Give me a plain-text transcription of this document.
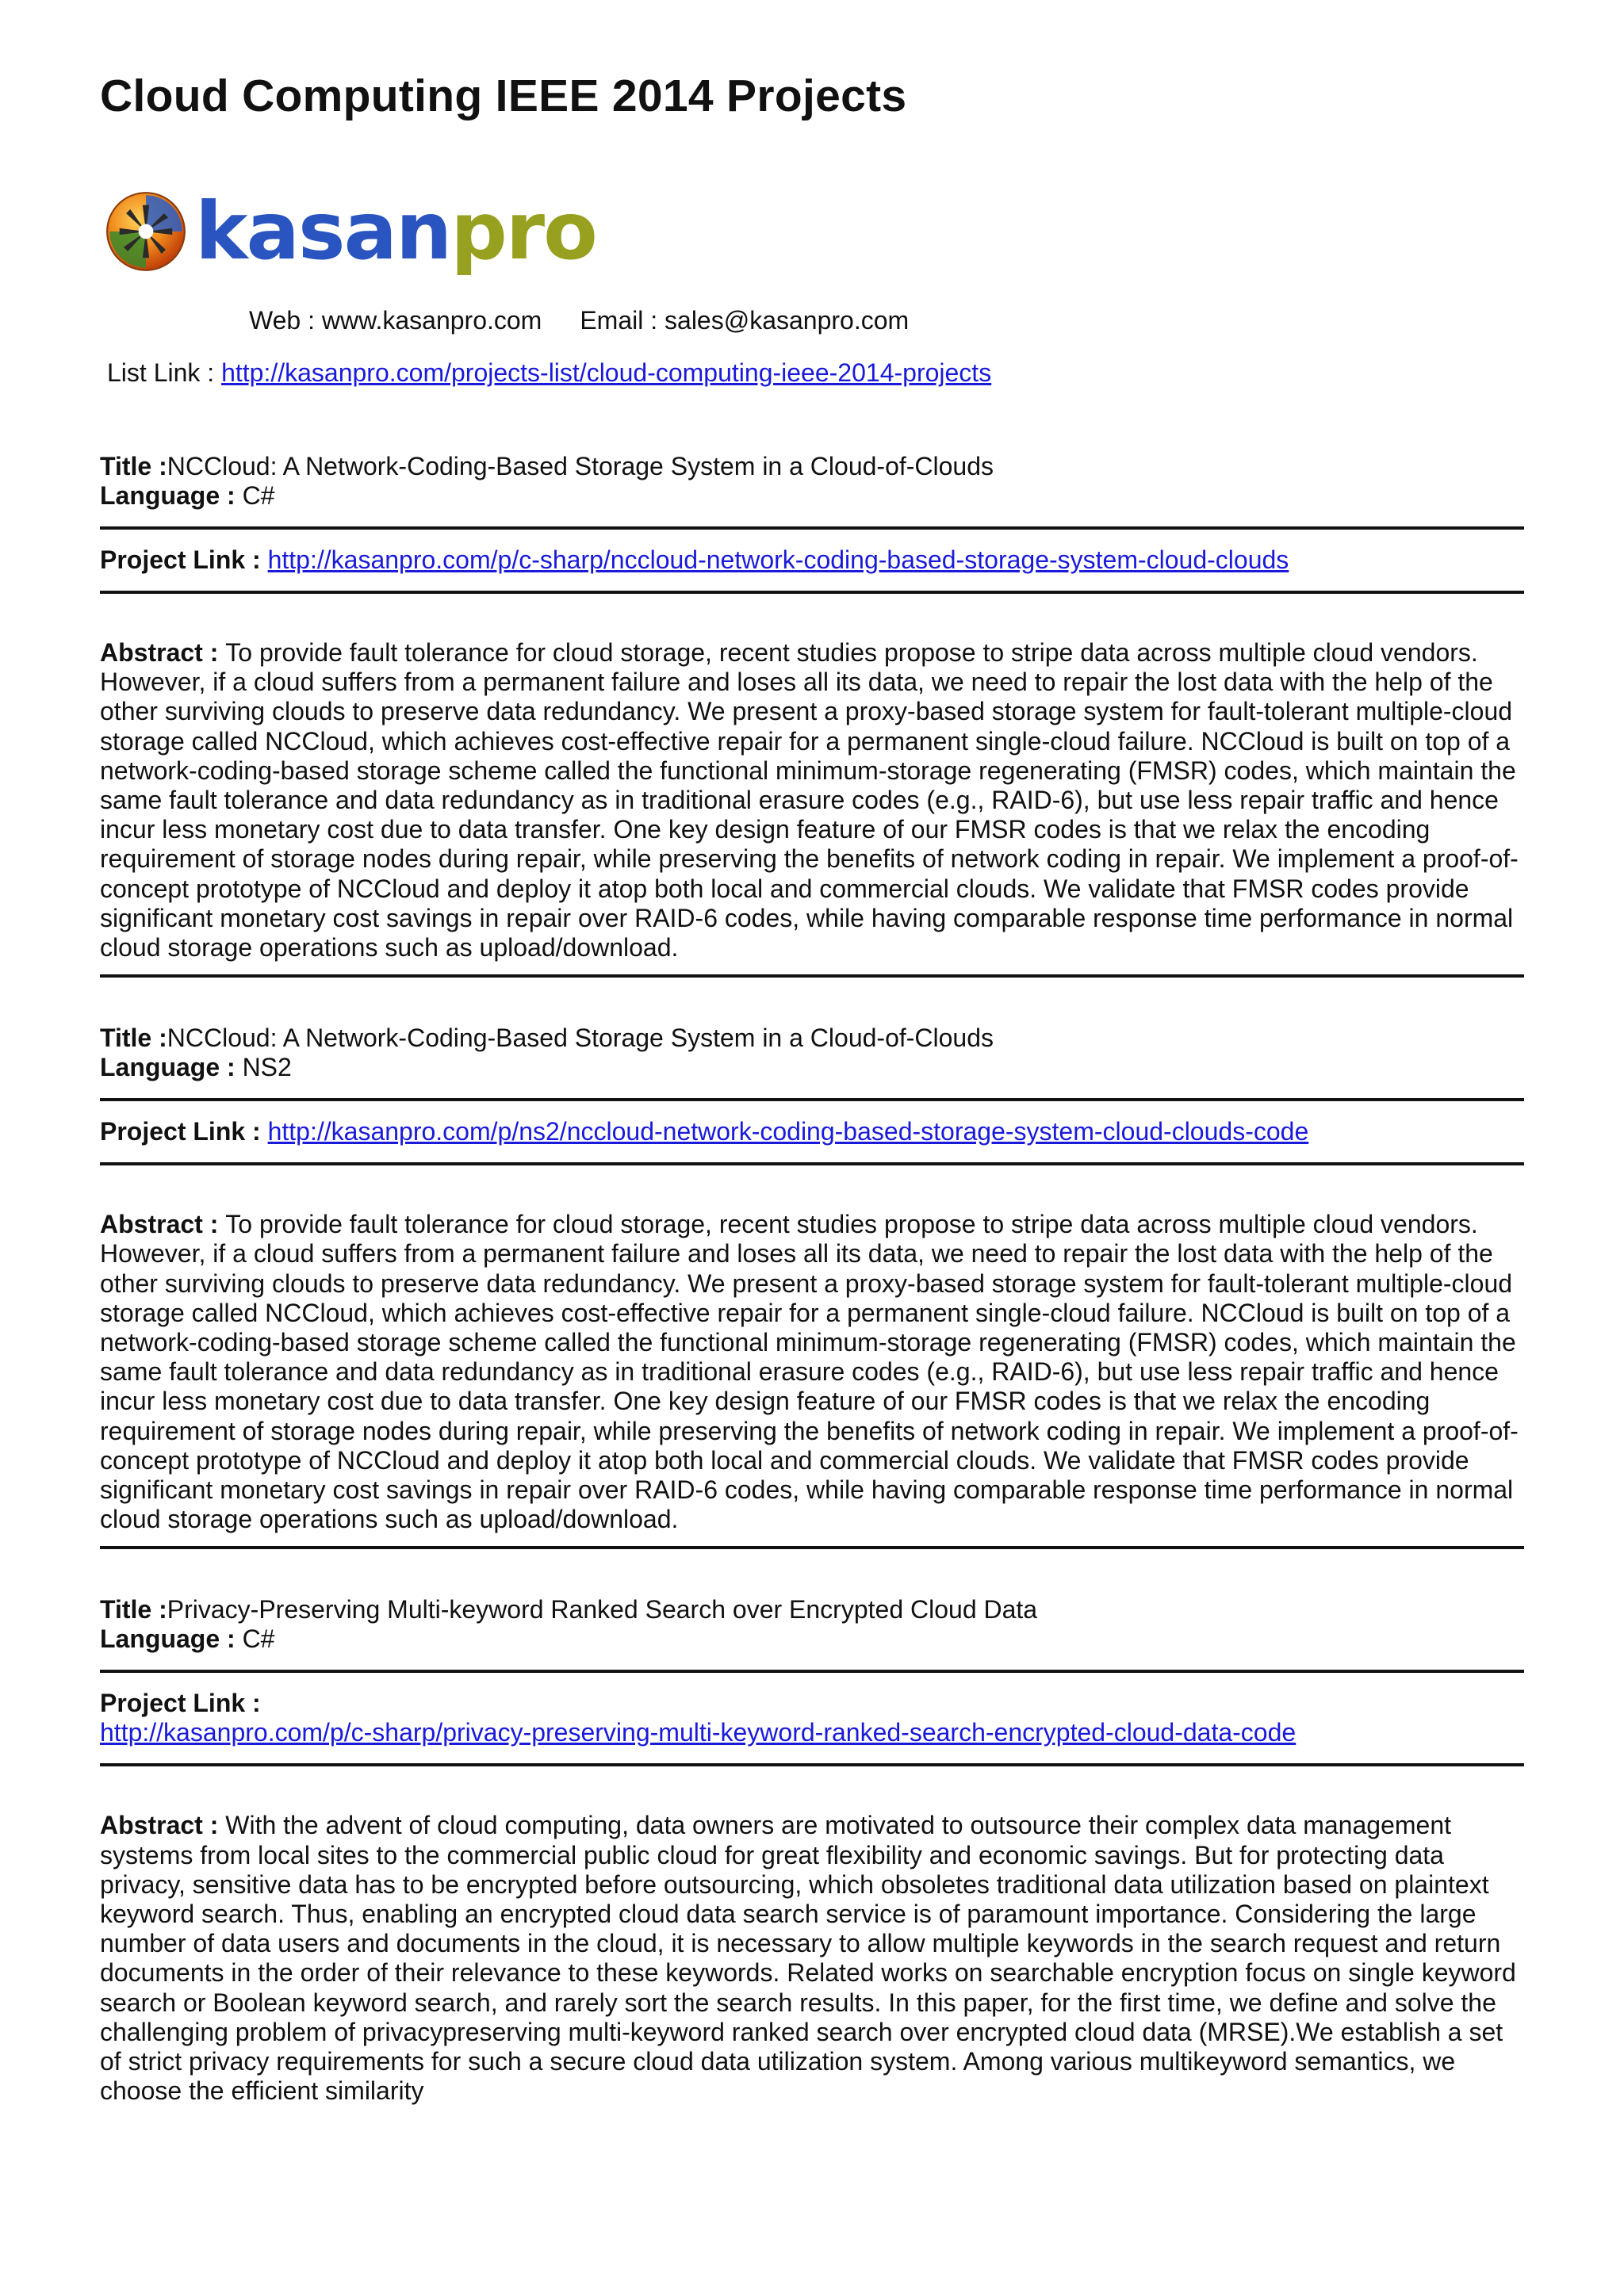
Cloud Computing IEEE 2014 Projects
kasanpro
Web : www.kasanpro.com Email : sales@kasanpro.com
List Link : http://kasanpro.com/projects-list/cloud-computing-ieee-2014-projects
Title :NCCloud: A Network-Coding-Based Storage System in a Cloud-of-Clouds
Language : C#
Project Link : http://kasanpro.com/p/c-sharp/nccloud-network-coding-based-storage-system-cloud-clouds
Abstract : To provide fault tolerance for cloud storage, recent studies propose to stripe data across multiple cloud vendors. However, if a cloud suffers from a permanent failure and loses all its data, we need to repair the lost data with the help of the other surviving clouds to preserve data redundancy. We present a proxy-based storage system for fault-tolerant multiple-cloud storage called NCCloud, which achieves cost-effective repair for a permanent single-cloud failure. NCCloud is built on top of a network-coding-based storage scheme called the functional minimum-storage regenerating (FMSR) codes, which maintain the same fault tolerance and data redundancy as in traditional erasure codes (e.g., RAID-6), but use less repair traffic and hence incur less monetary cost due to data transfer. One key design feature of our FMSR codes is that we relax the encoding requirement of storage nodes during repair, while preserving the benefits of network coding in repair. We implement a proof-of-concept prototype of NCCloud and deploy it atop both local and commercial clouds. We validate that FMSR codes provide significant monetary cost savings in repair over RAID-6 codes, while having comparable response time performance in normal cloud storage operations such as upload/download.
Title :NCCloud: A Network-Coding-Based Storage System in a Cloud-of-Clouds
Language : NS2
Project Link : http://kasanpro.com/p/ns2/nccloud-network-coding-based-storage-system-cloud-clouds-code
Abstract : To provide fault tolerance for cloud storage, recent studies propose to stripe data across multiple cloud vendors. However, if a cloud suffers from a permanent failure and loses all its data, we need to repair the lost data with the help of the other surviving clouds to preserve data redundancy. We present a proxy-based storage system for fault-tolerant multiple-cloud storage called NCCloud, which achieves cost-effective repair for a permanent single-cloud failure. NCCloud is built on top of a network-coding-based storage scheme called the functional minimum-storage regenerating (FMSR) codes, which maintain the same fault tolerance and data redundancy as in traditional erasure codes (e.g., RAID-6), but use less repair traffic and hence incur less monetary cost due to data transfer. One key design feature of our FMSR codes is that we relax the encoding requirement of storage nodes during repair, while preserving the benefits of network coding in repair. We implement a proof-of-concept prototype of NCCloud and deploy it atop both local and commercial clouds. We validate that FMSR codes provide significant monetary cost savings in repair over RAID-6 codes, while having comparable response time performance in normal cloud storage operations such as upload/download.
Title :Privacy-Preserving Multi-keyword Ranked Search over Encrypted Cloud Data
Language : C#
Project Link :
http://kasanpro.com/p/c-sharp/privacy-preserving-multi-keyword-ranked-search-encrypted-cloud-data-code
Abstract : With the advent of cloud computing, data owners are motivated to outsource their complex data management systems from local sites to the commercial public cloud for great flexibility and economic savings. But for protecting data privacy, sensitive data has to be encrypted before outsourcing, which obsoletes traditional data utilization based on plaintext keyword search. Thus, enabling an encrypted cloud data search service is of paramount importance. Considering the large number of data users and documents in the cloud, it is necessary to allow multiple keywords in the search request and return documents in the order of their relevance to these keywords. Related works on searchable encryption focus on single keyword search or Boolean keyword search, and rarely sort the search results. In this paper, for the first time, we define and solve the challenging problem of privacypreserving multi-keyword ranked search over encrypted cloud data (MRSE).We establish a set of strict privacy requirements for such a secure cloud data utilization system. Among various multikeyword semantics, we choose the efficient similarity
